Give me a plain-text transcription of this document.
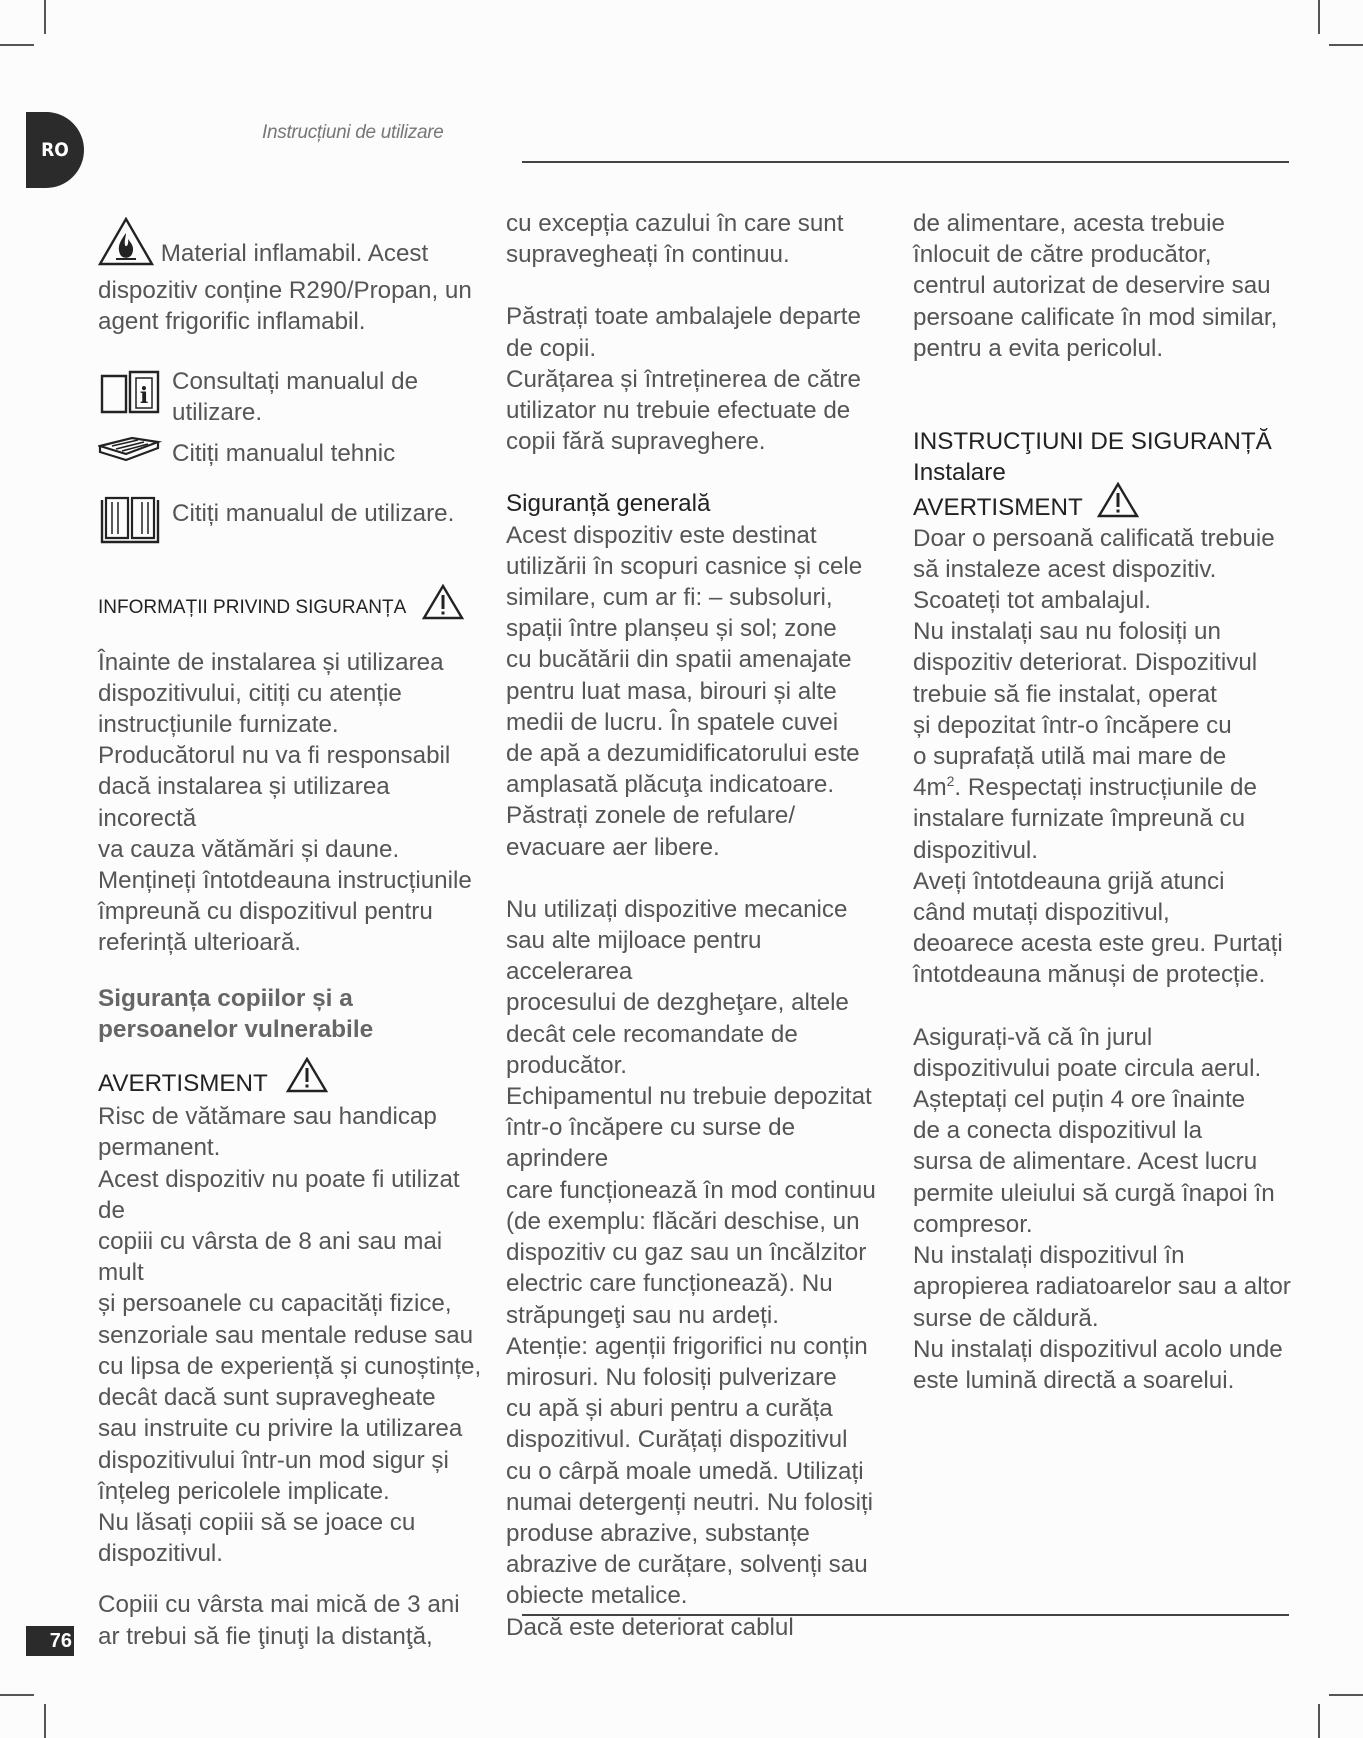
RO
Instrucțiuni de utilizare
76
Material inflamabil. Acest dispozitiv conține R290/Propan, un agent frigorific inflamabil.
i

Consultați manualul de

utilizare.

Citiți manualul tehnic

Citiți manualul de utilizare.

INFORMAȚII PRIVIND SIGURANȚA

Înainte de instalarea și utilizarea

dispozitivului, citiți cu atenție

instrucțiunile furnizate.

Producătorul nu va fi responsabil

dacă instalarea și utilizarea incorectă

va cauza vătămări și daune.

Mențineți întotdeauna instrucțiunile

împreună cu dispozitivul pentru

referință ulterioară.

Siguranța copiilor și a

persoanelor vulnerabile

AVERTISMENT

Risc de vătămare sau handicap

permanent.

Acest dispozitiv nu poate fi utilizat de

copiii cu vârsta de 8 ani sau mai mult

și persoanele cu capacități fizice,

senzoriale sau mentale reduse sau

cu lipsa de experiență și cunoștințe,

decât dacă sunt supravegheate

sau instruite cu privire la utilizarea

dispozitivului într-un mod sigur și

înțeleg pericolele implicate.

Nu lăsați copiii să se joace cu

dispozitivul.

Copiii cu vârsta mai mică de 3 ani

ar trebui să fie ţinuţi la distanţă,

cu excepția cazului în care sunt

supravegheați în continuu.

Păstrați toate ambalajele departe

de copii.

Curățarea și întreținerea de către

utilizator nu trebuie efectuate de

copii fără supraveghere.

Siguranță generală

Acest dispozitiv este destinat

utilizării în scopuri casnice și cele

similare, cum ar fi: – subsoluri,

spații între planșeu și sol; zone

cu bucătării din spatii amenajate

pentru luat masa, birouri și alte

medii de lucru. În spatele cuvei

de apă a dezumidificatorului este

amplasată plăcuţa indicatoare.

Păstrați zonele de refulare/

evacuare aer libere.

Nu utilizați dispozitive mecanice

sau alte mijloace pentru accelerarea

procesului de dezgheţare, altele

decât cele recomandate de

producător.

Echipamentul nu trebuie depozitat

într-o încăpere cu surse de aprindere

care funcționează în mod continuu

(de exemplu: flăcări deschise, un

dispozitiv cu gaz sau un încălzitor

electric care funcționează). Nu

străpungeţi sau nu ardeți.

Atenție: agenții frigorifici nu conțin

mirosuri. Nu folosiți pulverizare

cu apă și aburi pentru a curăța

dispozitivul. Curățați dispozitivul

cu o cârpă moale umedă. Utilizați

numai detergenți neutri. Nu folosiți

produse abrazive, substanțe

abrazive de curățare, solvenți sau

obiecte metalice.

Dacă este deteriorat cablul

de alimentare, acesta trebuie

înlocuit de către producător,

centrul autorizat de deservire sau

persoane calificate în mod similar,

pentru a evita pericolul.

INSTRUCŢIUNI DE SIGURANȚĂ

Instalare

AVERTISMENT

Doar o persoană calificată trebuie

să instaleze acest dispozitiv.

Scoateți tot ambalajul.

Nu instalați sau nu folosiți un

dispozitiv deteriorat. Dispozitivul

trebuie să fie instalat, operat

și depozitat într-o încăpere cu

o suprafață utilă mai mare de

$4m^2$. Respectați instrucțiunile de

instalare furnizate împreună cu

dispozitivul.

Aveți întotdeauna grijă atunci

când mutați dispozitivul,

deoarece acesta este greu. Purtați

întotdeauna mănuși de protecție.

Asigurați-vă că în jurul

dispozitivului poate circula aerul.

Așteptați cel puțin 4 ore înainte

de a conecta dispozitivul la

sursa de alimentare. Acest lucru

permite uleiului să curgă înapoi în

compresor.

Nu instalați dispozitivul în

apropierea radiatoarelor sau a altor

surse de căldură.

Nu instalați dispozitivul acolo unde

este lumină directă a soarelui.
